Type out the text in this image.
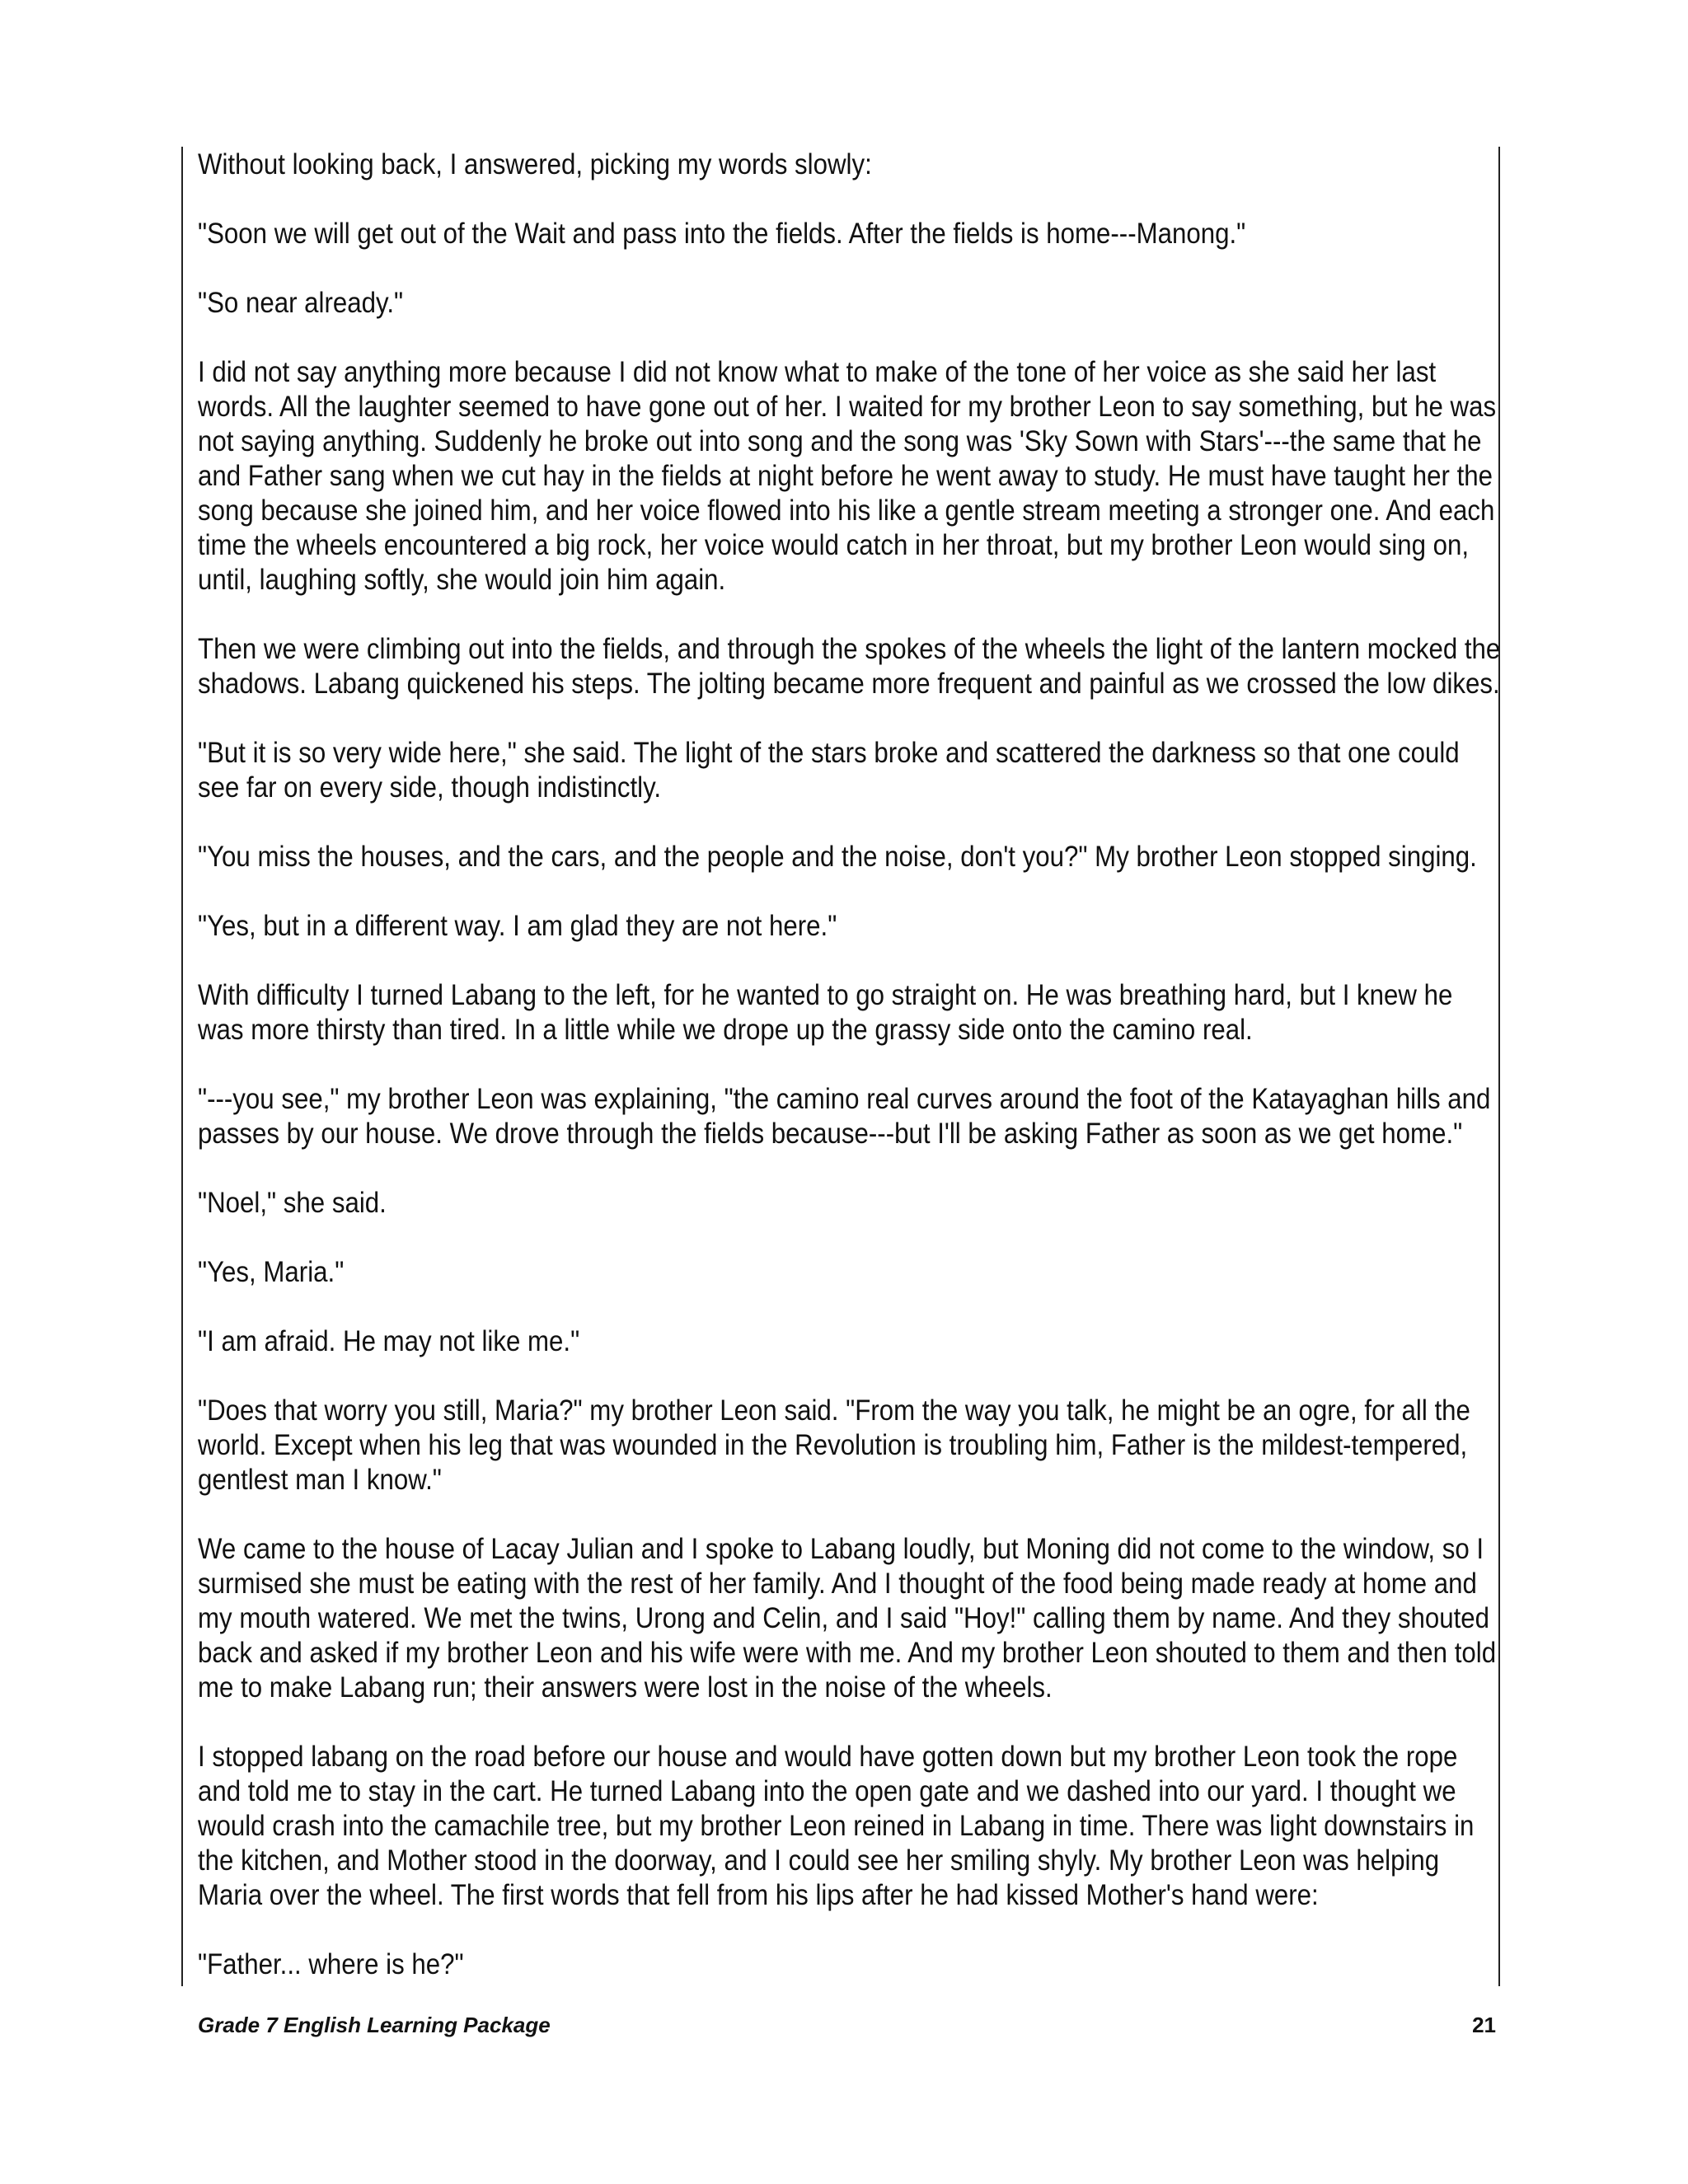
Without looking back, I answered, picking my words slowly:

"Soon we will get out of the Wait and pass into the fields. After the fields is home---Manong."

"So near already."

I did not say anything more because I did not know what to make of the tone of her voice as she said her last words. All the laughter seemed to have gone out of her. I waited for my brother Leon to say something, but he was not saying anything. Suddenly he broke out into song and the song was 'Sky Sown with Stars'---the same that he and Father sang when we cut hay in the fields at night before he went away to study. He must have taught her the song because she joined him, and her voice flowed into his like a gentle stream meeting a stronger one. And each time the wheels encountered a big rock, her voice would catch in her throat, but my brother Leon would sing on, until, laughing softly, she would join him again.

Then we were climbing out into the fields, and through the spokes of the wheels the light of the lantern mocked the shadows. Labang quickened his steps. The jolting became more frequent and painful as we crossed the low dikes.

"But it is so very wide here," she said. The light of the stars broke and scattered the darkness so that one could see far on every side, though indistinctly.

"You miss the houses, and the cars, and the people and the noise, don't you?" My brother Leon stopped singing.

"Yes, but in a different way. I am glad they are not here."

With difficulty I turned Labang to the left, for he wanted to go straight on. He was breathing hard, but I knew he was more thirsty than tired. In a little while we drope up the grassy side onto the camino real.

"---you see," my brother Leon was explaining, "the camino real curves around the foot of the Katayaghan hills and passes by our house. We drove through the fields because---but I'll be asking Father as soon as we get home."

"Noel," she said.

"Yes, Maria."

"I am afraid. He may not like me."

"Does that worry you still, Maria?" my brother Leon said. "From the way you talk, he might be an ogre, for all the world. Except when his leg that was wounded in the Revolution is troubling him, Father is the mildest-tempered, gentlest man I know."

We came to the house of Lacay Julian and I spoke to Labang loudly, but Moning did not come to the window, so I surmised she must be eating with the rest of her family. And I thought of the food being made ready at home and my mouth watered. We met the twins, Urong and Celin, and I said "Hoy!" calling them by name. And they shouted back and asked if my brother Leon and his wife were with me. And my brother Leon shouted to them and then told me to make Labang run; their answers were lost in the noise of the wheels.

I stopped labang on the road before our house and would have gotten down but my brother Leon took the rope and told me to stay in the cart. He turned Labang into the open gate and we dashed into our yard. I thought we would crash into the camachile tree, but my brother Leon reined in Labang in time. There was light downstairs in the kitchen, and Mother stood in the doorway, and I could see her smiling shyly. My brother Leon was helping Maria over the wheel. The first words that fell from his lips after he had kissed Mother's hand were:

"Father... where is he?"

Grade 7 English Learning Package	21
